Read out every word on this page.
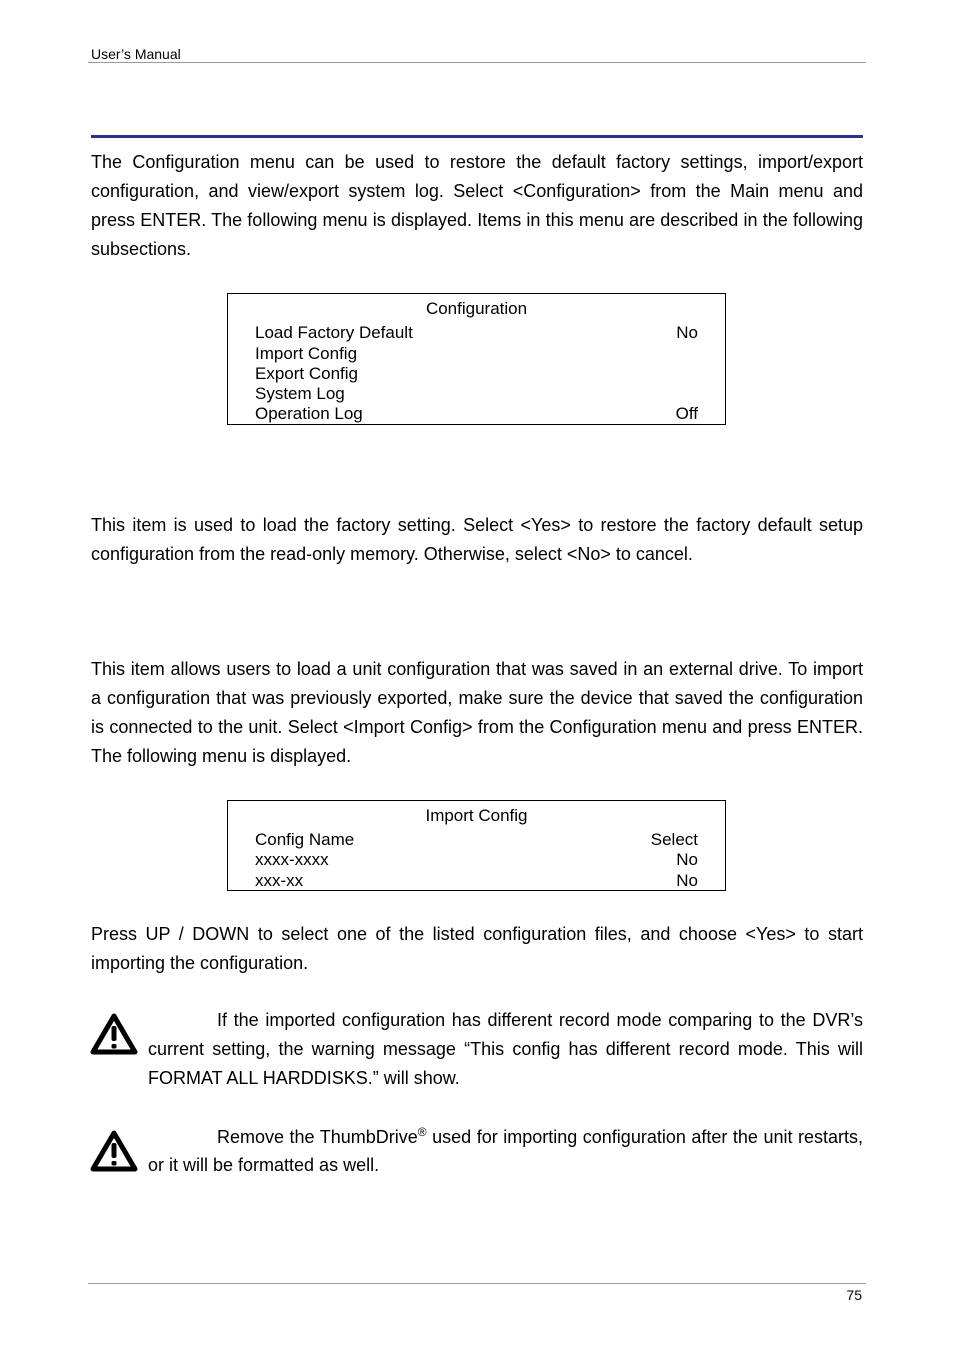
User’s Manual

The Configuration menu can be used to restore the default factory settings, import/export configuration, and view/export system log. Select <Configuration> from the Main menu and press ENTER. The following menu is displayed. Items in this menu are described in the following subsections.

Configuration
Load Factory Default	No
Import Config
Export Config
System Log
Operation Log	Off

This item is used to load the factory setting. Select <Yes> to restore the factory default setup configuration from the read-only memory. Otherwise, select <No> to cancel.

This item allows users to load a unit configuration that was saved in an external drive. To import a configuration that was previously exported, make sure the device that saved the configuration is connected to the unit. Select <Import Config> from the Configuration menu and press ENTER. The following menu is displayed.

Import Config
Config Name	Select
xxxx-xxxx	No
xxx-xx	No

Press UP / DOWN to select one of the listed configuration files, and choose <Yes> to start importing the configuration.

If the imported configuration has different record mode comparing to the DVR’s current setting, the warning message “This config has different record mode. This will FORMAT ALL HARDDISKS.” will show.

Remove the ThumbDrive® used for importing configuration after the unit restarts, or it will be formatted as well.

75
